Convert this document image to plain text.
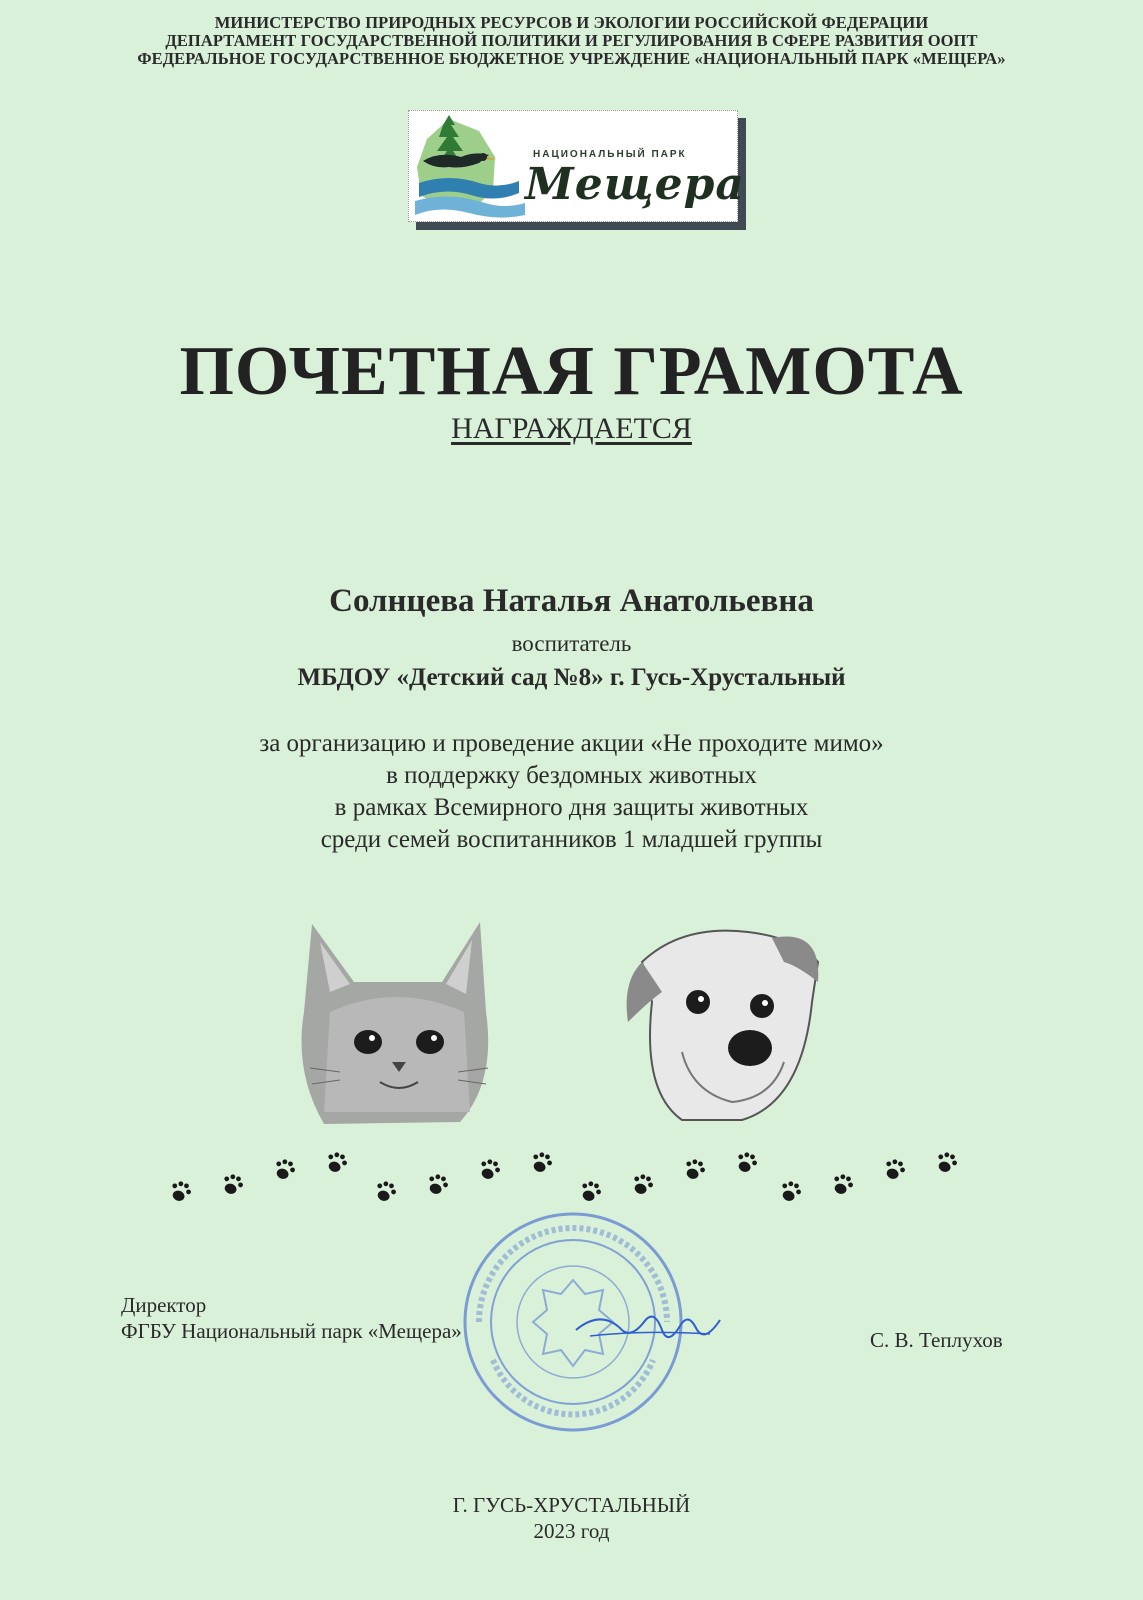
МИНИСТЕРСТВО ПРИРОДНЫХ РЕСУРСОВ И ЭКОЛОГИИ РОССИЙСКОЙ ФЕДЕРАЦИИ
ДЕПАРТАМЕНТ ГОСУДАРСТВЕННОЙ ПОЛИТИКИ И РЕГУЛИРОВАНИЯ В СФЕРЕ РАЗВИТИЯ ООПТ
ФЕДЕРАЛЬНОЕ ГОСУДАРСТВЕННОЕ БЮДЖЕТНОЕ УЧРЕЖДЕНИЕ «НАЦИОНАЛЬНЫЙ ПАРК «МЕЩЕРА»
НАЦИОНАЛЬНЫЙ ПАРК
Мещера
ПОЧЕТНАЯ ГРАМОТА
НАГРАЖДАЕТСЯ
Солнцева Наталья Анатольевна
воспитатель
МБДОУ «Детский сад №8» г. Гусь-Хрустальный
за организацию и проведение акции «Не проходите мимо»
в поддержку бездомных животных
в рамках Всемирного дня защиты животных
среди семей воспитанников 1 младшей группы
Директор
ФГБУ Национальный парк «Мещера»	С. В. Теплухов
Г. ГУСЬ-ХРУСТАЛЬНЫЙ
2023 год
